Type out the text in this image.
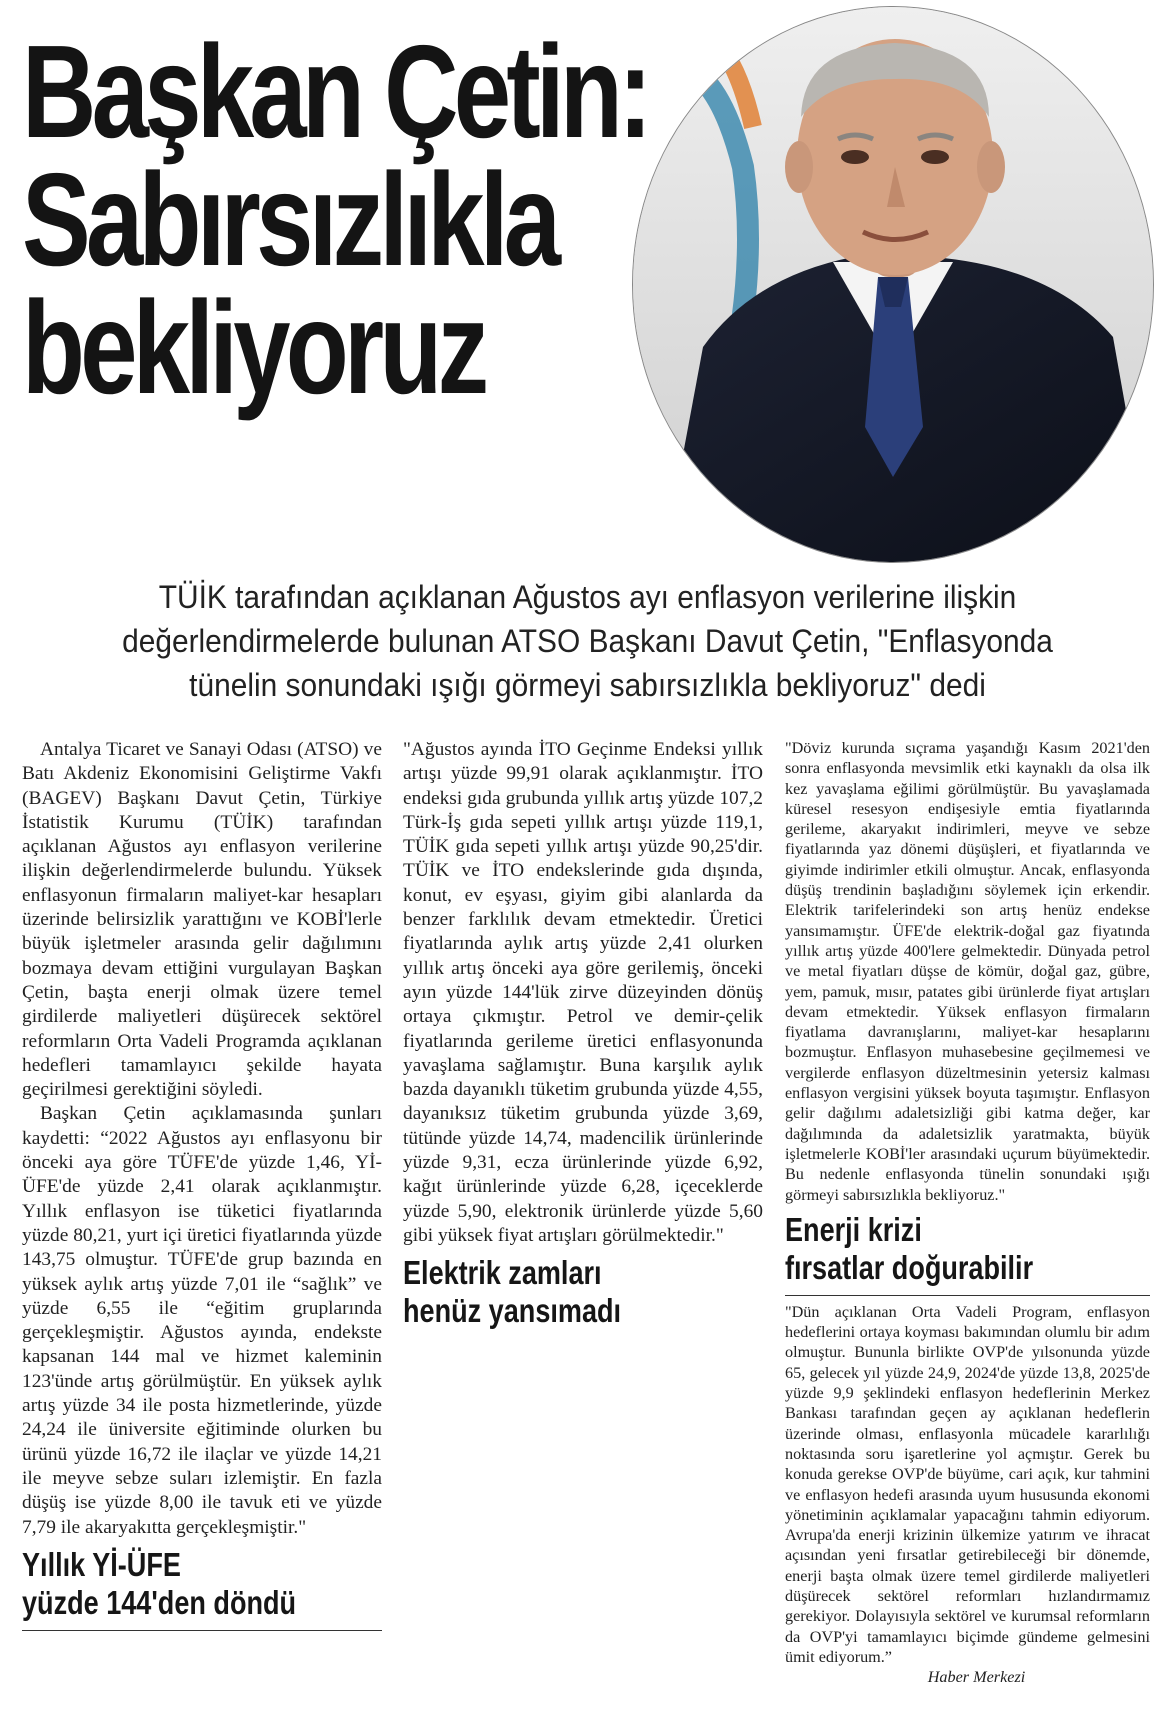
Başkan Çetin:
Sabırsızlıkla
bekliyoruz
TÜİK tarafından açıklanan Ağustos ayı enflasyon verilerine ilişkin
değerlendirmelerde bulunan ATSO Başkanı Davut Çetin, "Enflasyonda
tünelin sonundaki ışığı görmeyi sabırsızlıkla bekliyoruz" dedi

Antalya Ticaret ve Sanayi Odası (ATSO) ve Batı Akdeniz Ekonomisini Geliştirme Vakfı (BAGEV) Başkanı Davut Çetin, Türkiye İstatistik Kurumu (TÜİK) tarafından açıklanan Ağustos ayı enflasyon verilerine ilişkin değerlendirmelerde bulundu. Yüksek enflasyonun firmaların maliyet-kar hesapları üzerinde belirsizlik yarattığını ve KOBİ'lerle büyük işletmeler arasında gelir dağılımını bozmaya devam ettiğini vurgulayan Başkan Çetin, başta enerji olmak üzere temel girdilerde maliyetleri düşürecek sektörel reformların Orta Vadeli Programda açıklanan hedefleri tamamlayıcı şekilde hayata geçirilmesi gerektiğini söyledi.

Başkan Çetin açıklamasında şunları kaydetti: “2022 Ağustos ayı enflasyonu bir önceki aya göre TÜFE'de yüzde 1,46, Yİ-ÜFE'de yüzde 2,41 olarak açıklanmıştır. Yıllık enflasyon ise tüketici fiyatlarında yüzde 80,21, yurt içi üretici fiyatlarında yüzde 143,75 olmuştur. TÜFE'de grup bazında en yüksek aylık artış yüzde 7,01 ile “sağlık” ve yüzde 6,55 ile “eğitim gruplarında gerçekleşmiştir. Ağustos ayında, endekste kapsanan 144 mal ve hizmet kaleminin 123'ünde artış görülmüştür. En yüksek aylık artış yüzde 34 ile posta hizmetlerinde, yüzde 24,24 ile üniversite eğitiminde olurken bu ürünü yüzde 16,72 ile ilaçlar ve yüzde 14,21 ile meyve sebze suları izlemiştir. En fazla düşüş ise yüzde 8,00 ile tavuk eti ve yüzde 7,79 ile akaryakıtta gerçekleşmiştir."

Yıllık Yİ-ÜFE
yüzde 144'den döndü

"Ağustos ayında İTO Geçinme Endeksi yıllık artışı yüzde 99,91 olarak açıklanmıştır. İTO endeksi gıda grubunda yıllık artış yüzde 107,2 Türk-İş gıda sepeti yıllık artışı yüzde 119,1, TÜİK gıda sepeti yıllık artışı yüzde 90,25'dir. TÜİK ve İTO endekslerinde gıda dışında, konut, ev eşyası, giyim gibi alanlarda da benzer farklılık devam etmektedir. Üretici fiyatlarında aylık artış yüzde 2,41 olurken yıllık artış önceki aya göre gerilemiş, önceki ayın yüzde 144'lük zirve düzeyinden dönüş ortaya çıkmıştır. Petrol ve demir-çelik fiyatlarında gerileme üretici enflasyonunda yavaşlama sağlamıştır. Buna karşılık aylık bazda dayanıklı tüketim grubunda yüzde 4,55, dayanıksız tüketim grubunda yüzde 3,69, tütünde yüzde 14,74, madencilik ürünlerinde yüzde 9,31, ecza ürünlerinde yüzde 6,92, kağıt ürünlerinde yüzde 6,28, içeceklerde yüzde 5,90, elektronik ürünlerde yüzde 5,60 gibi yüksek fiyat artışları görülmektedir."

Elektrik zamları
henüz yansımadı

"Döviz kurunda sıçrama yaşandığı Kasım 2021'den sonra enflasyonda mevsimlik etki kaynaklı da olsa ilk kez yavaşlama eğilimi görülmüştür. Bu yavaşlamada küresel resesyon endişesiyle emtia fiyatlarında gerileme, akaryakıt indirimleri, meyve ve sebze fiyatlarında yaz dönemi düşüşleri, et fiyatlarında ve giyimde indirimler etkili olmuştur. Ancak, enflasyonda düşüş trendinin başladığını söylemek için erkendir. Elektrik tarifelerindeki son artış henüz endekse yansımamıştır. ÜFE'de elektrik-doğal gaz fiyatında yıllık artış yüzde 400'lere gelmektedir. Dünyada petrol ve metal fiyatları düşse de kömür, doğal gaz, gübre, yem, pamuk, mısır, patates gibi ürünlerde fiyat artışları devam etmektedir. Yüksek enflasyon firmaların fiyatlama davranışlarını, maliyet-kar hesaplarını bozmuştur. Enflasyon muhasebesine geçilmemesi ve vergilerde enflasyon düzeltmesinin yetersiz kalması enflasyon vergisini yüksek boyuta taşımıştır. Enflasyon gelir dağılımı adaletsizliği gibi katma değer, kar dağılımında da adaletsizlik yaratmakta, büyük işletmelerle KOBİ'ler arasındaki uçurum büyümektedir. Bu nedenle enflasyonda tünelin sonundaki ışığı görmeyi sabırsızlıkla bekliyoruz."

Enerji krizi
fırsatlar doğurabilir

"Dün açıklanan Orta Vadeli Program, enflasyon hedeflerini ortaya koyması bakımından olumlu bir adım olmuştur. Bununla birlikte OVP'de yılsonunda yüzde 65, gelecek yıl yüzde 24,9, 2024'de yüzde 13,8, 2025'de yüzde 9,9 şeklindeki enflasyon hedeflerinin Merkez Bankası tarafından geçen ay açıklanan hedeflerin üzerinde olması, enflasyonla mücadele kararlılığı noktasında soru işaretlerine yol açmıştır. Gerek bu konuda gerekse OVP'de büyüme, cari açık, kur tahmini ve enflasyon hedefi arasında uyum hususunda ekonomi yönetiminin açıklamalar yapacağını tahmin ediyorum. Avrupa'da enerji krizinin ülkemize yatırım ve ihracat açısından yeni fırsatlar getirebileceği bir dönemde, enerji başta olmak üzere temel girdilerde maliyetleri düşürecek sektörel reformları hızlandırmamız gerekiyor. Dolayısıyla sektörel ve kurumsal reformların da OVP'yi tamamlayıcı biçimde gündeme gelmesini ümit ediyorum.”

Haber Merkezi
